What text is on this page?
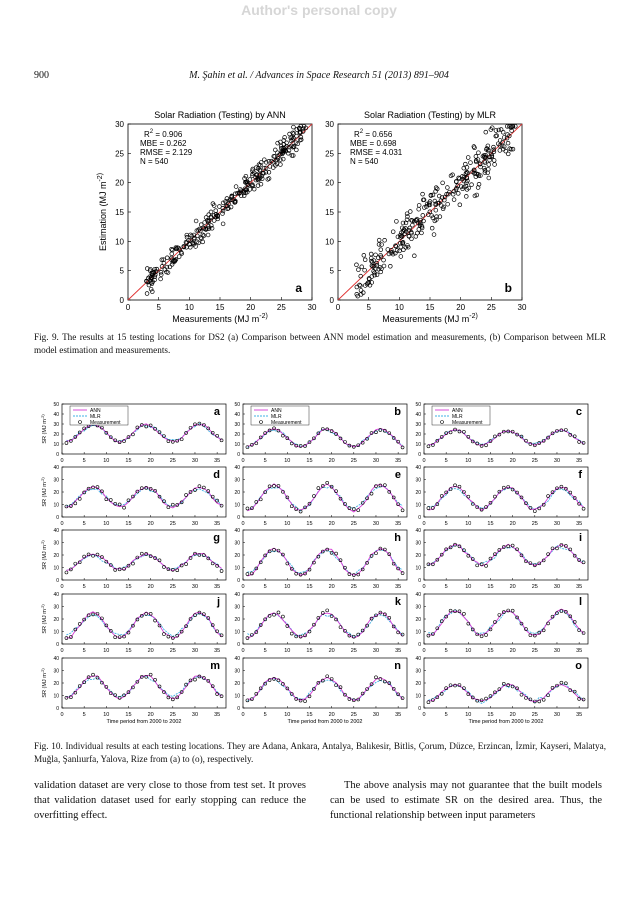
Author's personal copy
900	M. Şahin et al. / Advances in Space Research 51 (2013) 891–904
Solar Radiation (Testing) by ANN
0
0
5
5
10
10
15
15
20
20
25
25
30
30
$R^2 = 0.906$
MBE = 0.262
RMSE = 2.129
N = 540
a
Measurements (MJ $m^{-2)}$
Estimation (MJ $m^{-2)}$
Solar Radiation (Testing) by MLR
0
0
5
5
10
10
15
15
20
20
25
25
30
30
$R^2 = 0.656$
MBE = 0.698
RMSE = 4.031
N = 540
b
Measurements (MJ $m^{-2)}$
0
10
20
30
40
50
0	5	10	15	20	25	30	35
a
ANN
MLR
Measurement
SR (MJ $m^{-2)}$
0
10
20
30
40
50
0	5	10	15	20	25	30	35
b
ANN
MLR
Measurement
0
10
20
30
40
50
0	5	10	15	20	25	30	35
c
ANN
MLR
Measurement
0
10
20
30
40
0	5	10	15	20	25	30	35
d
SR (MJ $m^{-2)}$
0
10
20
30
40
0	5	10	15	20	25	30	35
e
0
10
20
30
40
0	5	10	15	20	25	30	35
f
0
10
20
30
40
0	5	10	15	20	25	30	35
g
SR (MJ $m^{-2)}$
0
10
20
30
40
0	5	10	15	20	25	30	35
h
0
10
20
30
40
0	5	10	15	20	25	30	35
i
0
10
20
30
40
0	5	10	15	20	25	30	35
j
SR (MJ $m^{-2)}$
0
10
20
30
40
0	5	10	15	20	25	30	35
k
0
10
20
30
40
0	5	10	15	20	25	30	35
l
0
10
20
30
40
0	5	10	15	20	25	30	35
m
SR (MJ $m^{-2)}$
Time period from 2000 to 2002
0
10
20
30
40
0	5	10	15	20	25	30	35
n
Time period from 2000 to 2002
0
10
20
30
40
0	5	10	15	20	25	30	35
o
Time period from 2000 to 2002
Fig. 9. The results at 15 testing locations for DS2 (a) Comparison between ANN model estimation and measurements, (b) Comparison between MLR model estimation and measurements.
Fig. 10. Individual results at each testing locations. They are Adana, Ankara, Antalya, Balıkesir, Bitlis, Çorum, Düzce, Erzincan, İzmir, Kayseri, Malatya, Muğla, Şanlıurfa, Yalova, Rize from (a) to (o), respectively.
validation dataset are very close to those from test set. It proves that validation dataset used for early stopping can reduce the overfitting effect.
The above analysis may not guarantee that the built models can be used to estimate SR on the desired area. Thus, the functional relationship between input parameters
